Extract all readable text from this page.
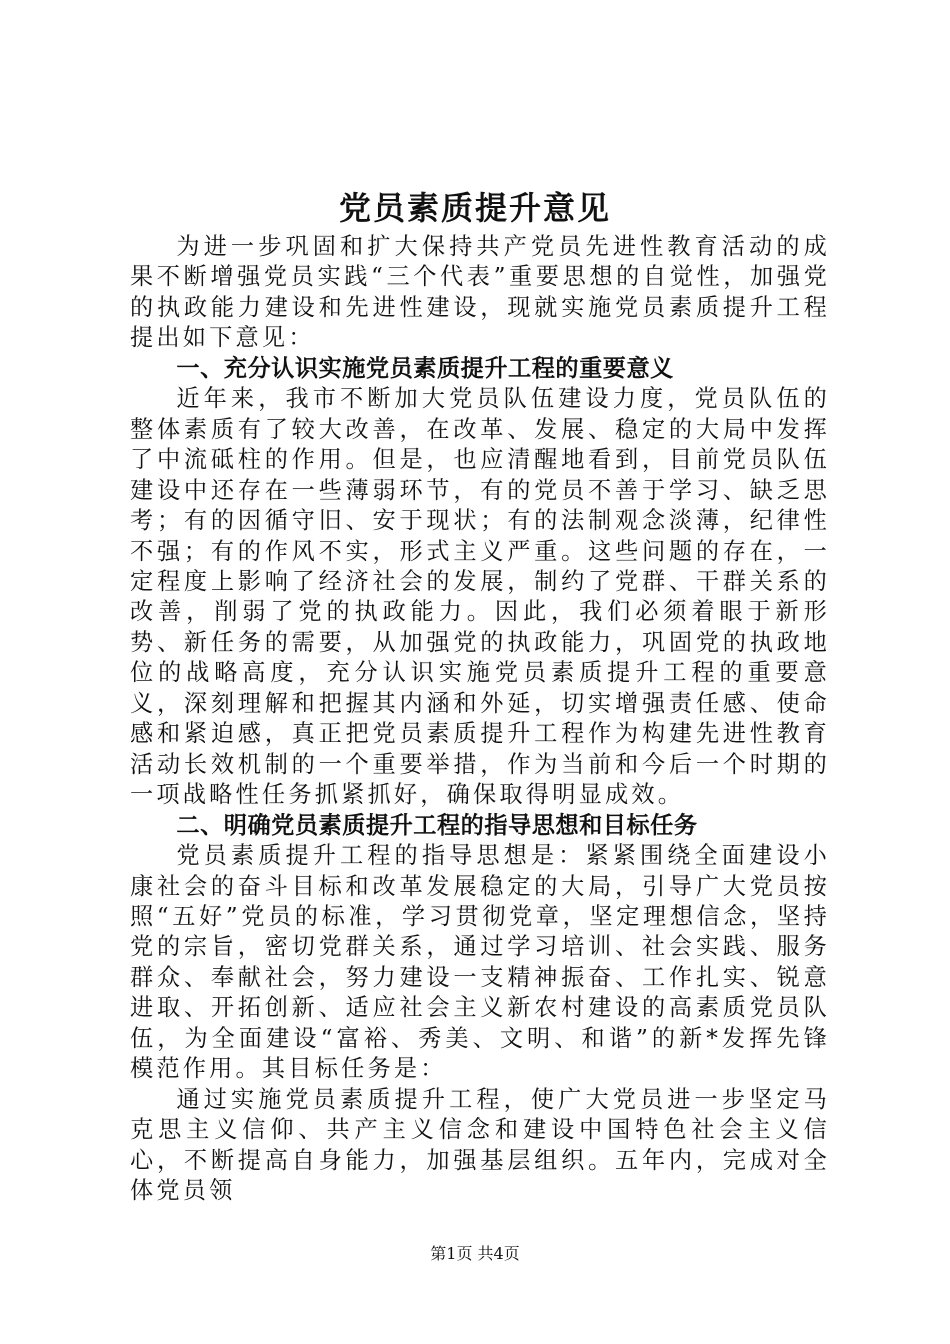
党员素质提升意见

为进一步巩固和扩大保持共产党员先进性教育活动的成果不断增强党员实践“三个代表”重要思想的自觉性，加强党的执政能力建设和先进性建设，现就实施党员素质提升工程提出如下意见：

一、充分认识实施党员素质提升工程的重要意义

近年来，我市不断加大党员队伍建设力度，党员队伍的整体素质有了较大改善，在改革、发展、稳定的大局中发挥了中流砥柱的作用。但是，也应清醒地看到，目前党员队伍建设中还存在一些薄弱环节，有的党员不善于学习、缺乏思考；有的因循守旧、安于现状；有的法制观念淡薄，纪律性不强；有的作风不实，形式主义严重。这些问题的存在，一定程度上影响了经济社会的发展，制约了党群、干群关系的改善，削弱了党的执政能力。因此，我们必须着眼于新形势、新任务的需要，从加强党的执政能力，巩固党的执政地位的战略高度，充分认识实施党员素质提升工程的重要意义，深刻理解和把握其内涵和外延，切实增强责任感、使命感和紧迫感，真正把党员素质提升工程作为构建先进性教育活动长效机制的一个重要举措，作为当前和今后一个时期的一项战略性任务抓紧抓好，确保取得明显成效。

二、明确党员素质提升工程的指导思想和目标任务

党员素质提升工程的指导思想是：紧紧围绕全面建设小康社会的奋斗目标和改革发展稳定的大局，引导广大党员按照“五好”党员的标准，学习贯彻党章，坚定理想信念，坚持党的宗旨，密切党群关系，通过学习培训、社会实践、服务群众、奉献社会，努力建设一支精神振奋、工作扎实、锐意进取、开拓创新、适应社会主义新农村建设的高素质党员队伍，为全面建设“富裕、秀美、文明、和谐”的新*发挥先锋模范作用。其目标任务是：

通过实施党员素质提升工程，使广大党员进一步坚定马克思主义信仰、共产主义信念和建设中国特色社会主义信心，不断提高自身能力，加强基层组织。五年内，完成对全体党员领

第1页 共4页
